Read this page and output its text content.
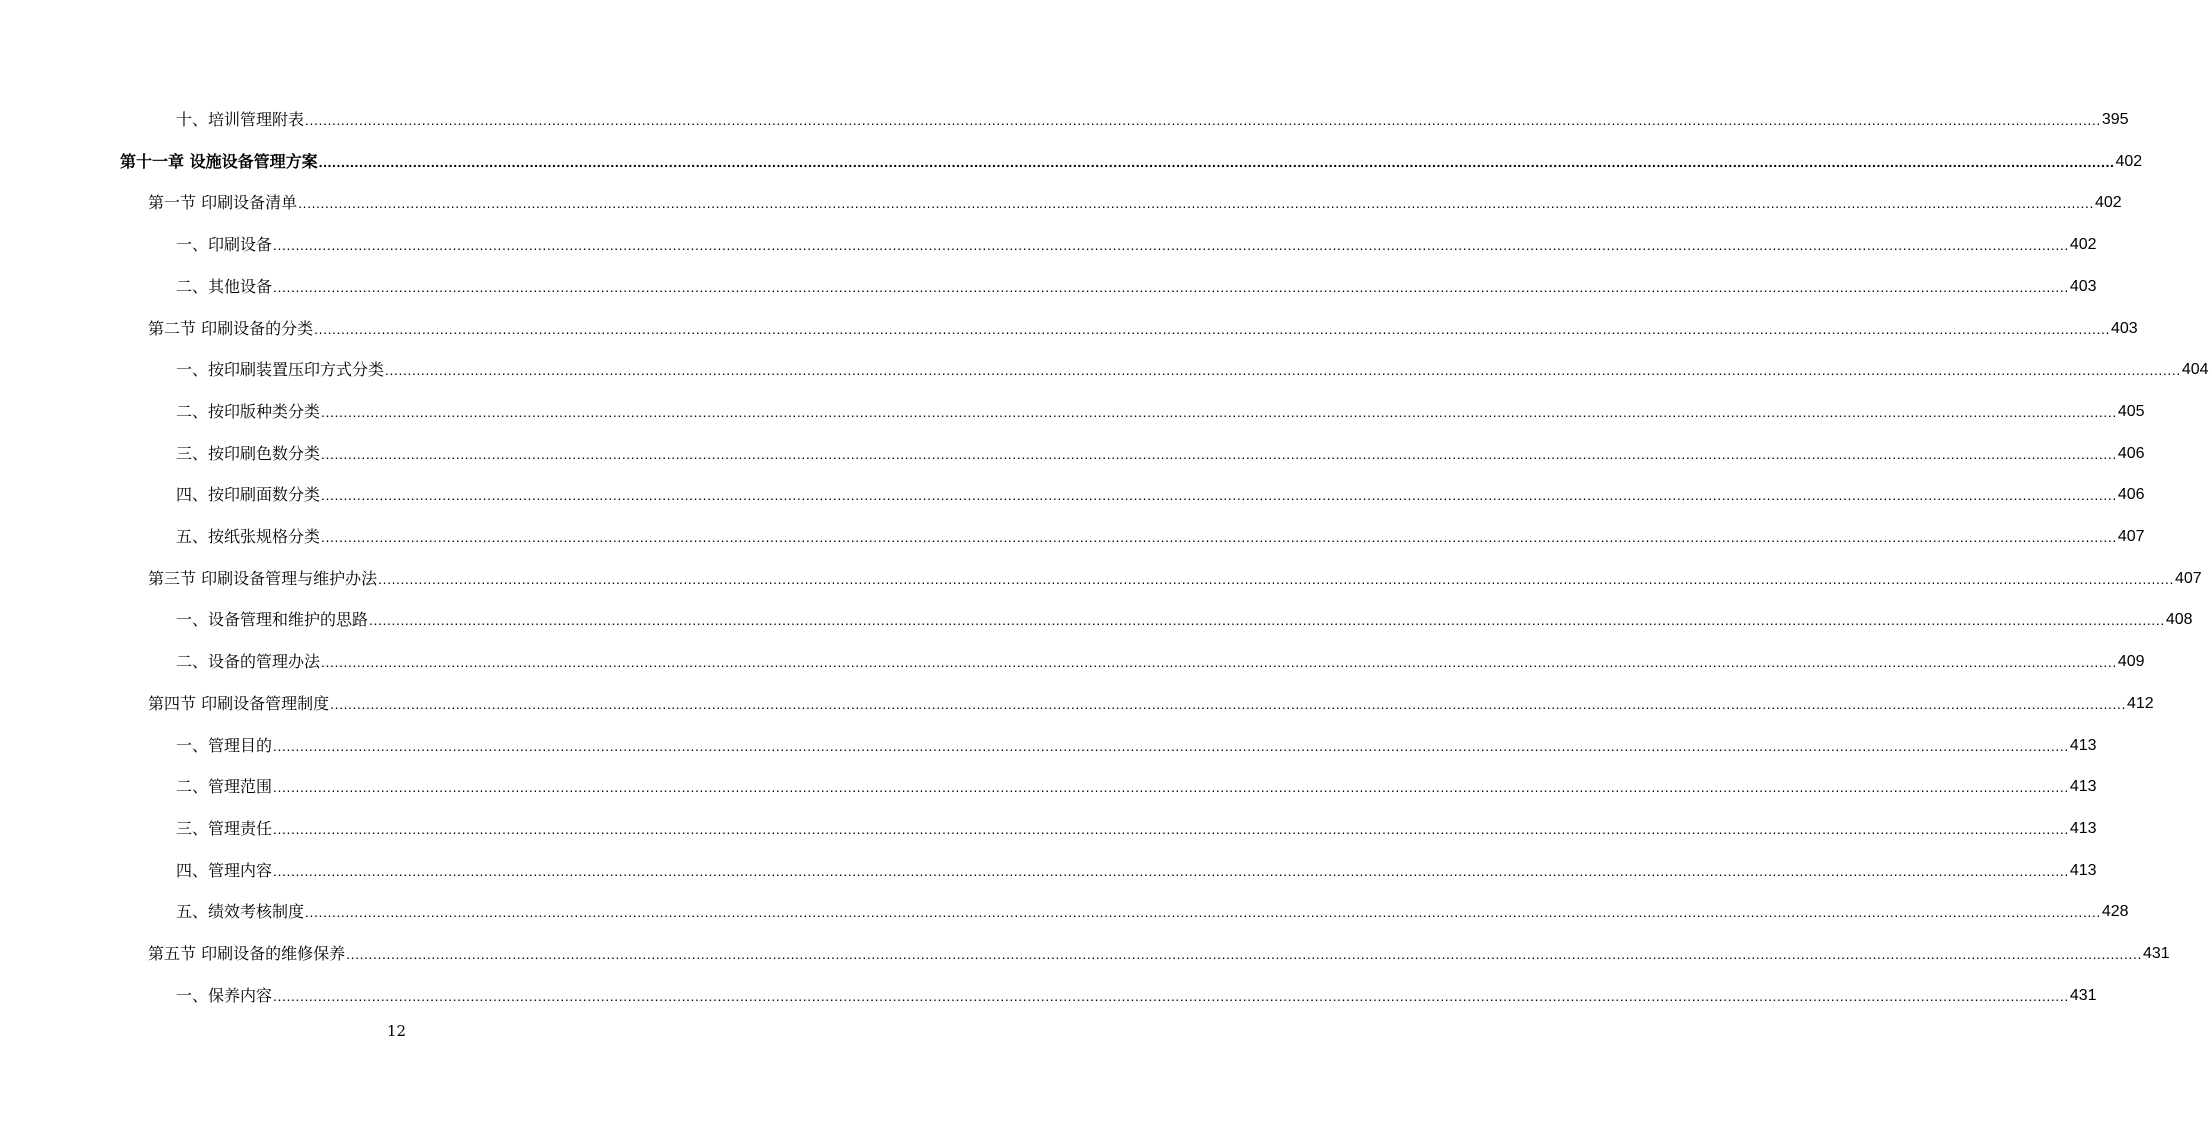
十、培训管理附表 ................................................................................................................................................................................................................................................................................................................................................................................................................ 395
第十一章 设施设备管理方案 ................................................................................................................................................................................................................................................................................................................................................................................................................ 402
第一节 印刷设备清单 ................................................................................................................................................................................................................................................................................................................................................................................................................ 402
一、印刷设备 ................................................................................................................................................................................................................................................................................................................................................................................................................ 402
二、其他设备 ................................................................................................................................................................................................................................................................................................................................................................................................................ 403
第二节 印刷设备的分类 ................................................................................................................................................................................................................................................................................................................................................................................................................ 403
一、按印刷装置压印方式分类 ................................................................................................................................................................................................................................................................................................................................................................................................................ 404
二、按印版种类分类 ................................................................................................................................................................................................................................................................................................................................................................................................................ 405
三、按印刷色数分类 ................................................................................................................................................................................................................................................................................................................................................................................................................ 406
四、按印刷面数分类 ................................................................................................................................................................................................................................................................................................................................................................................................................ 406
五、按纸张规格分类 ................................................................................................................................................................................................................................................................................................................................................................................................................ 407
第三节 印刷设备管理与维护办法 ................................................................................................................................................................................................................................................................................................................................................................................................................ 407
一、设备管理和维护的思路 ................................................................................................................................................................................................................................................................................................................................................................................................................ 408
二、设备的管理办法 ................................................................................................................................................................................................................................................................................................................................................................................................................ 409
第四节 印刷设备管理制度 ................................................................................................................................................................................................................................................................................................................................................................................................................ 412
一、管理目的 ................................................................................................................................................................................................................................................................................................................................................................................................................ 413
二、管理范围 ................................................................................................................................................................................................................................................................................................................................................................................................................ 413
三、管理责任 ................................................................................................................................................................................................................................................................................................................................................................................................................ 413
四、管理内容 ................................................................................................................................................................................................................................................................................................................................................................................................................ 413
五、绩效考核制度 ................................................................................................................................................................................................................................................................................................................................................................................................................ 428
第五节 印刷设备的维修保养 ................................................................................................................................................................................................................................................................................................................................................................................................................ 431
一、保养内容 ................................................................................................................................................................................................................................................................................................................................................................................................................ 431
12
